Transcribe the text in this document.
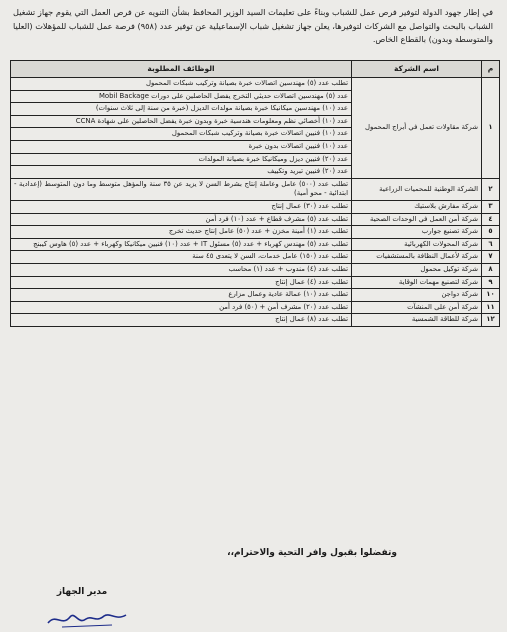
في إطار جهود الدولة لتوفير فرص عمل للشباب وبناءً على تعليمات السيد الوزير المحافظ بشأن التنويه عن فرص العمل التي يقوم جهاز تشغيل الشباب بالبحث والتواصل مع الشركات لتوفيرها، يعلن جهاز تشغيل شباب الإسماعيلية عن توفير عدد (٩٥٨) فرصة عمل للشباب للمؤهلات (العليا والمتوسطة وبدون) بالقطاع الخاص.
م	اسم الشركة	الوظائف المطلوبة
١	شركة مقاولات تعمل في أبراج المحمول	تطلب عدد (٥) مهندسين اتصالات خبرة بصيانة وتركيب شبكات المحمول
		عدد (٥) مهندسين اتصالات حديثي التخرج يفضل الحاصلين على دورات Mobil Backage
		عدد (١٠) مهندسين ميكانيكا خبرة بصيانة مولدات الديزل (خبرة من سنة إلى ثلاث سنوات)
		عدد (١٠) أخصائي نظم ومعلومات هندسية خبرة وبدون خبرة يفضل الحاصلين على شهادة CCNA
		عدد (١٠) فنيين اتصالات خبرة بصيانة وتركيب شبكات المحمول
		عدد (١٠) فنيين اتصالات بدون خبرة
		عدد (٢٠) فنيين ديزل وميكانيكا خبرة بصيانة المولدات
		عدد (٢٠) فنيين تبريد وتكييف
٢	الشركة الوطنية للمحميات الزراعية	تطلب عدد (٥٠٠) عامل وعاملة إنتاج بشرط السن لا يزيد عن ٣٥ سنة والمؤهل متوسط وما دون المتوسط (إعدادية - ابتدائية - محو أمية)
٣	شركة مفارش بلاستيك	تطلب عدد (٣٠) عمال إنتاج
٤	شركة أمن العمل في الوحدات الصحية	تطلب عدد (٥) مشرف قطاع + عدد (١٠) فرد أمن
٥	شركة تصنيع جوارب	تطلب عدد (١) أمينة مخزن + عدد (٥٠) عامل إنتاج حديث تخرج
٦	شركة المحولات الكهربائية	تطلب عدد (٥) مهندس كهرباء + عدد (٥) مسئول IT + عدد (١٠) فنيين ميكانيكا وكهرباء + عدد (٥) هاوس كيبنج
٧	شركة لأعمال النظافة بالمستشفيات	تطلب عدد (١٥٠) عامل خدمات، السن لا يتعدى ٤٥ سنة
٨	شركة توكيل محمول	تطلب عدد (٤) مندوب + عدد (١) محاسب
٩	شركة لتصنيع مهمات الوقاية	تطلب عدد (٤) عمال إنتاج
١٠	شركة دواجن	تطلب عدد (١٠) عمالة عادية وعمال مزارع
١١	شركة أمن على المنشآت	تطلب عدد (٢٠) مشرف أمن + (٥٠) فرد أمن
١٢	شركة للطاقة الشمسية	تطلب عدد (٨) عمال إنتاج
وتفضلوا بقبول وافر التحية والاحترام،،
مدير الجهاز
